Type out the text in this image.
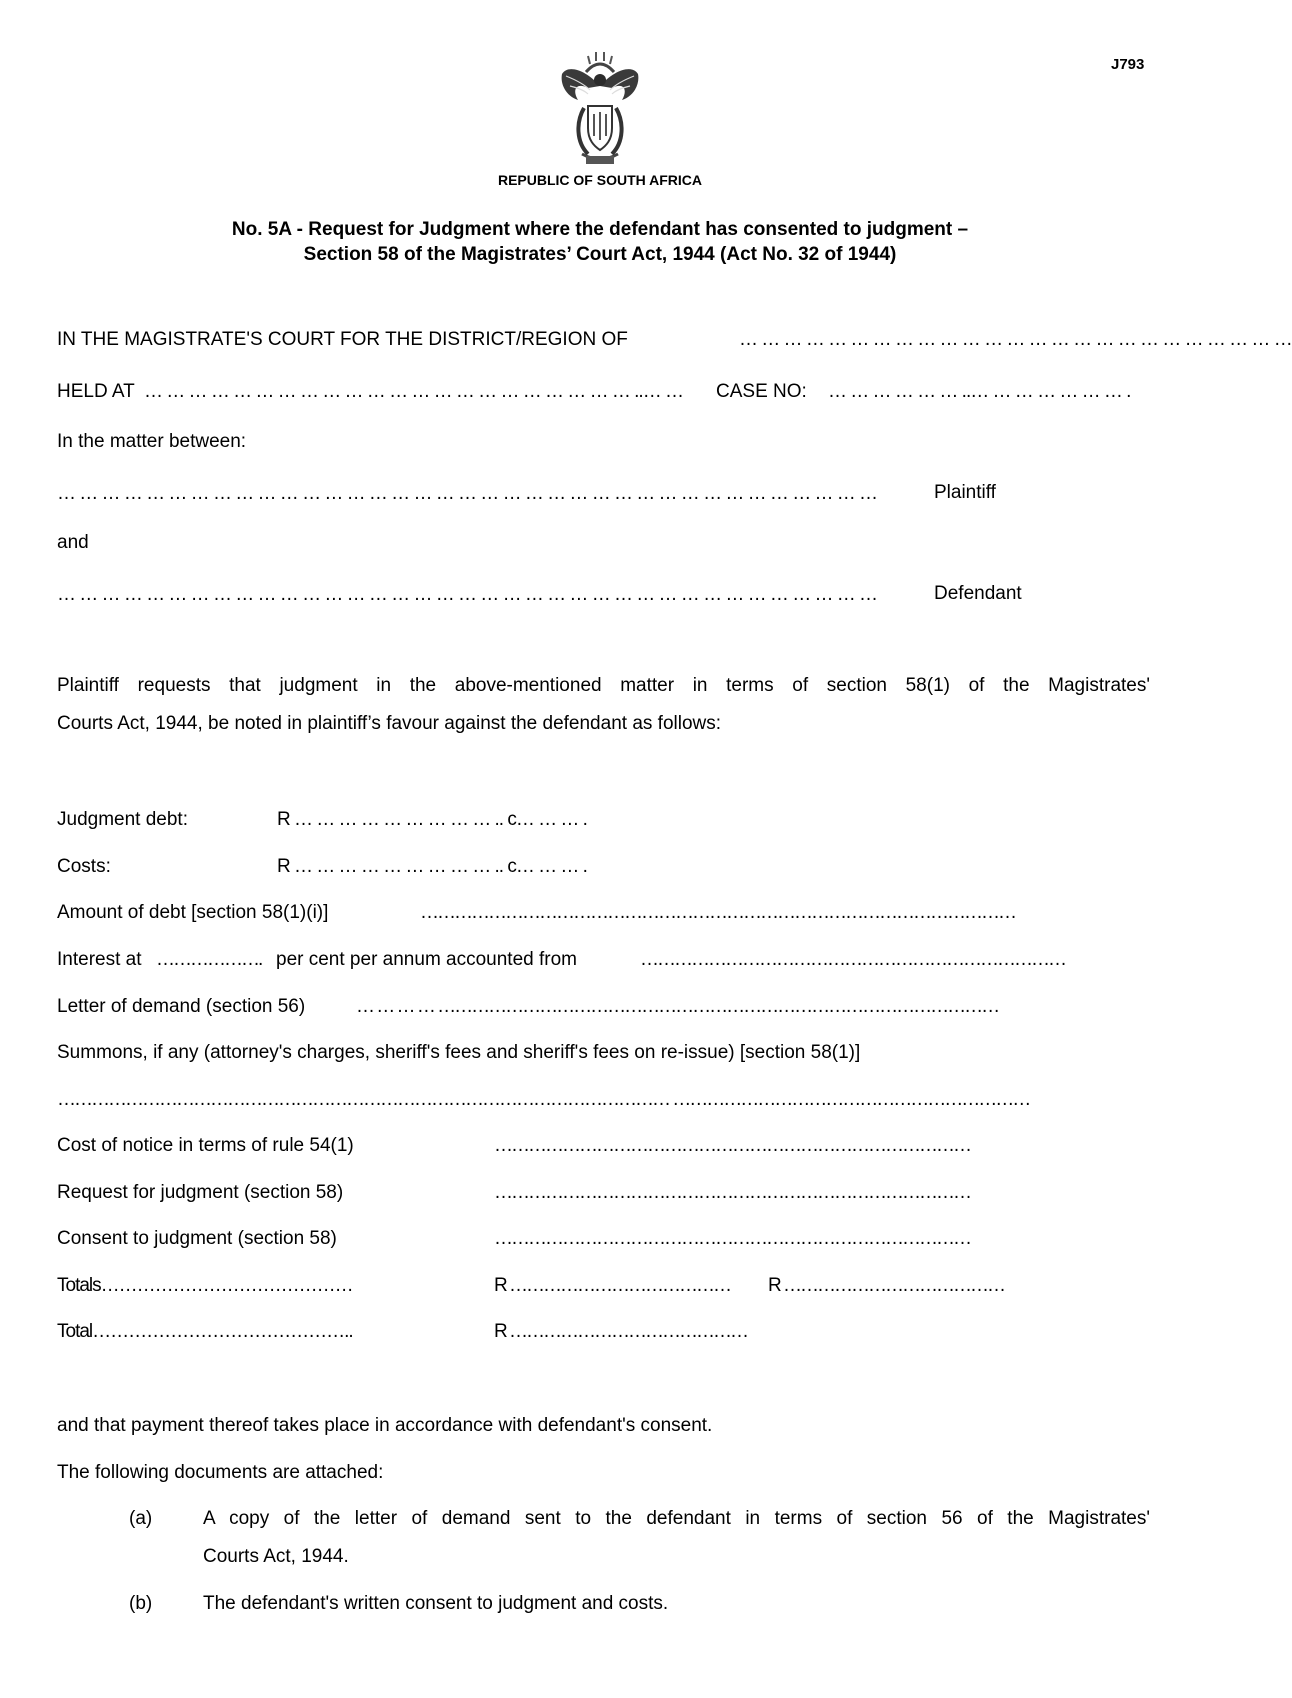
J793
REPUBLIC OF SOUTH AFRICA
No. 5A - Request for Judgment where the defendant has consented to judgment –
Section 58 of the Magistrates’ Court Act, 1944 (Act No. 32 of 1944)
IN THE MAGISTRATE'S COURT FOR THE DISTRICT/REGION OF	… … … … … … … … … … … … … … … … … … … … … … … … …
HELD AT … … … … … … … … … … … … … … … … … … … … … … ..… … CASE NO: … … … … … … ..… … … … … … … .
In the matter between:
… … … … … … … … … … … … … … … … … … … … … … … … … … … … … … … … … … … … …	Plaintiff
and
… … … … … … … … … … … … … … … … … … … … … … … … … … … … … … … … … … … … …	Defendant
Plaintiff requests that judgment in the above-mentioned matter in terms of section 58(1) of the Magistrates'
Courts Act, 1944, be noted in plaintiff’s favour against the defendant as follows:
Judgment debt:	R … … … … … … … … … .. c… … … .
Costs:	R … … … … … … … … … .. c… … … .
Amount of debt [section 58(1)(i)]	……………………………………………………………………………………………
Interest at ………………. per cent per annum accounted from	…………………………………………………………………
Letter of demand (section 56)	… … … … ………………………………………………………………………………………
Summons, if any (attorney's charges, sheriff's fees and sheriff's fees on re-issue) [section 58(1)]
……………………………………………………………………………………………… ………………………………………………………
Cost of notice in terms of rule 54(1)	…………………………………………………………………………
Request for judgment (section 58)	…………………………………………………………………………
Consent to judgment (section 58)	…………………………………………………………………………
Totals……………………………………	R ………………………………… R …………………………………
Total……………………………………..	R ……………………………………
and that payment thereof takes place in accordance with defendant's consent.
The following documents are attached:
(a)	A copy of the letter of demand sent to the defendant in terms of section 56 of the Magistrates'
Courts Act, 1944.
(b)	The defendant's written consent to judgment and costs.
